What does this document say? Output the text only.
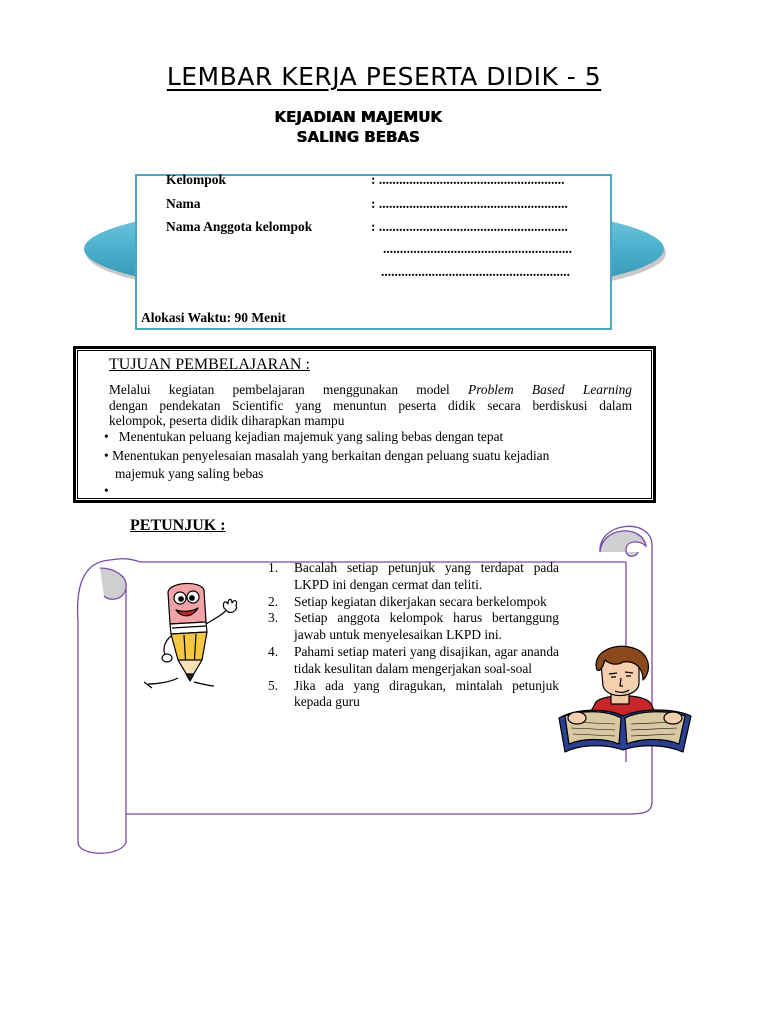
LEMBAR KERJA PESERTA DIDIK - 5
KEJADIAN MAJEMUK
SALING BEBAS
Kelompok
Nama
Nama Anggota kelompok
: .......................................................
: ........................................................
: ........................................................
........................................................
........................................................
Alokasi Waktu: 90 Menit
TUJUAN PEMBELAJARAN :
Melalui kegiatan pembelajaran menggunakan model Problem Based Learning
dengan pendekatan Scientific yang menuntun peserta didik secara berdiskusi dalam
kelompok, peserta didik diharapkan mampu
• Menentukan peluang kejadian majemuk yang saling bebas dengan tepat
• Menentukan penyelesaian masalah yang berkaitan dengan peluang suatu kejadian
majemuk yang saling bebas
•
PETUNJUK :
1. Bacalah setiap petunjuk yang terdapat pada LKPD ini dengan cermat dan teliti.
2. Setiap kegiatan dikerjakan secara berkelompok
3. Setiap anggota kelompok harus bertanggung jawab untuk menyelesaikan LKPD ini.
4. Pahami setiap materi yang disajikan, agar ananda tidak kesulitan dalam mengerjakan soal-soal
5. Jika ada yang diragukan, mintalah petunjuk kepada guru
